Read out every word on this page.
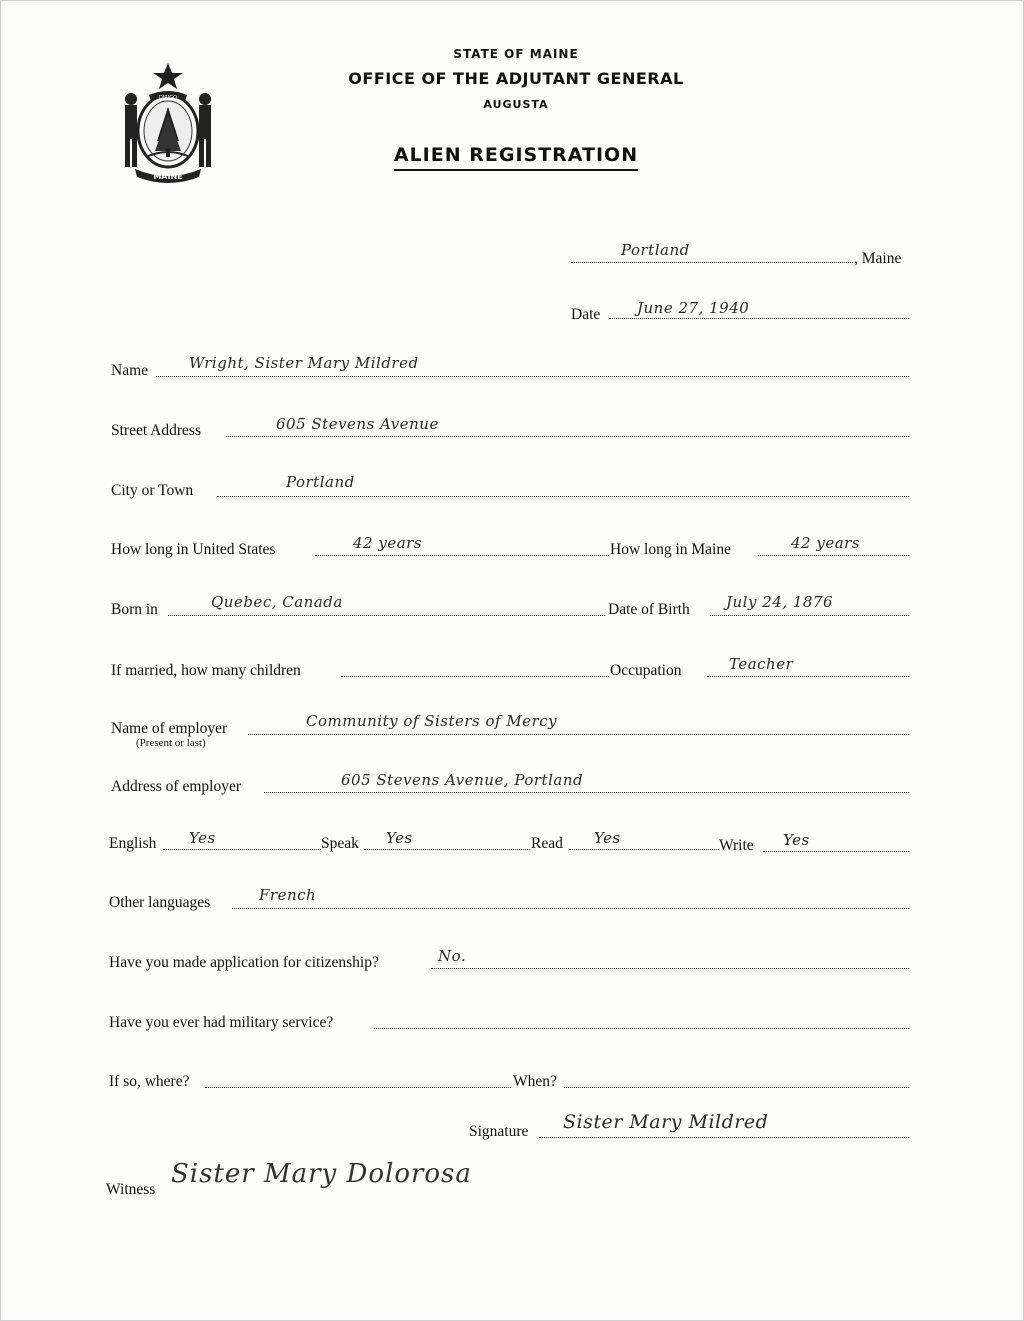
MAINE
DIRIGO
STATE OF MAINE
OFFICE OF THE ADJUTANT GENERAL
AUGUSTA
ALIEN REGISTRATION
Portland	, Maine
Date June 27, 1940
Name	Wright, Sister Mary Mildred
Street Address	605 Stevens Avenue
City or Town	Portland
How long in United States	42 years	How long in Maine	42 years
Born in	Quebec, Canada	Date of Birth July 24, 1876
If married, how many children	Occupation	Teacher
Name of employer
(Present or last)
Community of Sisters of Mercy
Address of employer	605 Stevens Avenue, Portland
English Yes	Speak Yes	Read Yes	Write Yes
Other languages	French
Have you made application for citizenship?	No.
Have you ever had military service?
If so, where?	When?
Signature Sister Mary Mildred
Witness
Sister Mary Dolorosa
